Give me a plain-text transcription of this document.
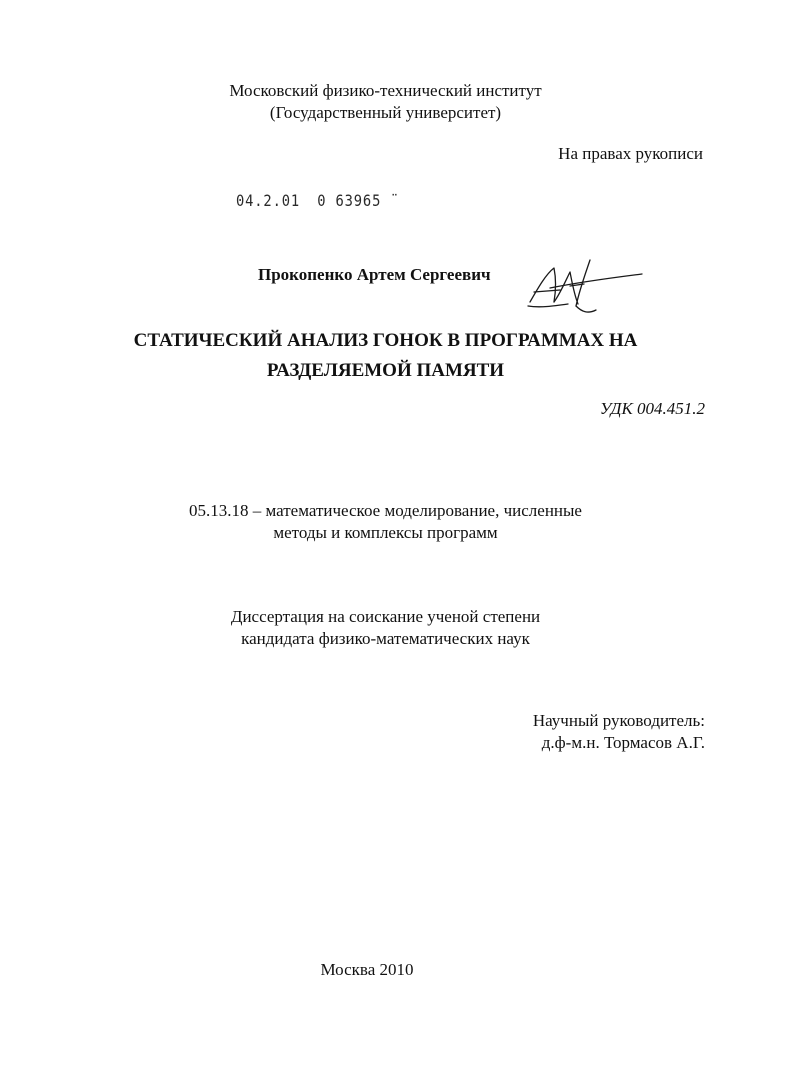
Московский физико-технический институт
(Государственный университет)
На правах рукописи
04.2.01 0 63965 ¨
Прокопенко Артем Сергеевич
СТАТИЧЕСКИЙ АНАЛИЗ ГОНОК В ПРОГРАММАХ НА
РАЗДЕЛЯЕМОЙ ПАМЯТИ
УДК 004.451.2
05.13.18 – математическое моделирование, численные
методы и комплексы программ
Диссертация на соискание ученой степени
кандидата физико-математических наук
Научный руководитель:
д.ф-м.н. Тормасов А.Г.
Москва 2010
